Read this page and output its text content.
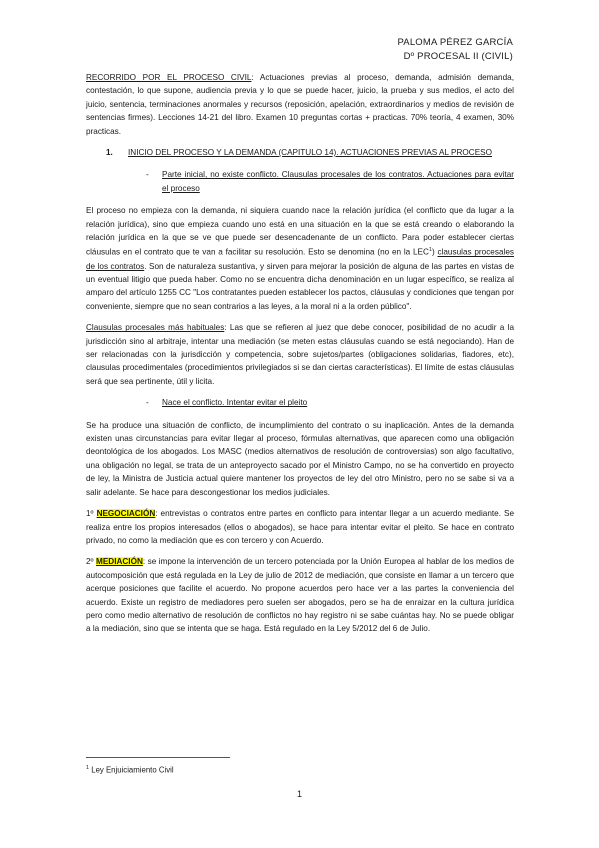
PALOMA PÉREZ GARCÍA
Dº PROCESAL II (CIVIL)

RECORRIDO POR EL PROCESO CIVIL: Actuaciones previas al proceso, demanda, admisión demanda, contestación, lo que supone, audiencia previa y lo que se puede hacer, juicio, la prueba y sus medios, el acto del juicio, sentencia, terminaciones anormales y recursos (reposición, apelación, extraordinarios y medios de revisión de sentencias firmes). Lecciones 14-21 del libro. Examen 10 preguntas cortas + practicas. 70% teoría, 4 examen, 30% practicas.

1.	INICIO DEL PROCESO Y LA DEMANDA (CAPITULO 14). ACTUACIONES PREVIAS AL PROCESO
-	Parte inicial, no existe conflicto. Clausulas procesales de los contratos. Actuaciones para evitar el proceso

El proceso no empieza con la demanda, ni siquiera cuando nace la relación jurídica (el conflicto que da lugar a la relación jurídica), sino que empieza cuando uno está en una situación en la que se está creando o elaborando la relación jurídica en la que se ve que puede ser desencadenante de un conflicto. Para poder establecer ciertas cláusulas en el contrato que te van a facilitar su resolución. Esto se denomina (no en la LEC$^1$) clausulas procesales de los contratos. Son de naturaleza sustantiva, y sirven para mejorar la posición de alguna de las partes en vistas de un eventual litigio que pueda haber. Como no se encuentra dicha denominación en un lugar específico, se realiza al amparo del artículo 1255 CC "Los contratantes pueden establecer los pactos, cláusulas y condiciones que tengan por conveniente, siempre que no sean contrarios a las leyes, a la moral ni a la orden público".

Clausulas procesales más habituales: Las que se refieren al juez que debe conocer, posibilidad de no acudir a la jurisdicción sino al arbitraje, intentar una mediación (se meten estas cláusulas cuando se está negociando). Han de ser relacionadas con la jurisdicción y competencia, sobre sujetos/partes (obligaciones solidarias, fiadores, etc), clausulas procedimentales (procedimientos privilegiados si se dan ciertas características). El límite de estas cláusulas será que sea pertinente, útil y licita.

-	Nace el conflicto. Intentar evitar el pleito

Se ha produce una situación de conflicto, de incumplimiento del contrato o su inaplicación. Antes de la demanda existen unas circunstancias para evitar llegar al proceso, fórmulas alternativas, que aparecen como una obligación deontológica de los abogados. Los MASC (medios alternativos de resolución de controversias) son algo facultativo, una obligación no legal, se trata de un anteproyecto sacado por el Ministro Campo, no se ha convertido en proyecto de ley, la Ministra de Justicia actual quiere mantener los proyectos de ley del otro Ministro, pero no se sabe si va a salir adelante. Se hace para descongestionar los medios judiciales.

1º NEGOCIACIÓN: entrevistas o contratos entre partes en conflicto para intentar llegar a un acuerdo mediante. Se realiza entre los propios interesados (ellos o abogados), se hace para intentar evitar el pleito. Se hace en contrato privado, no como la mediación que es con tercero y con Acuerdo.

2º MEDIACIÓN: se impone la intervención de un tercero potenciada por la Unión Europea al hablar de los medios de autocomposición que está regulada en la Ley de julio de 2012 de mediación, que consiste en llamar a un tercero que acerque posiciones que facilite el acuerdo. No propone acuerdos pero hace ver a las partes la conveniencia del acuerdo. Existe un registro de mediadores pero suelen ser abogados, pero se ha de enraizar en la cultura jurídica pero como medio alternativo de resolución de conflictos no hay registro ni se sabe cuántas hay. No se puede obligar a la mediación, sino que se intenta que se haga. Está regulado en la Ley 5/2012 del 6 de Julio.

$^1$ Ley Enjuiciamiento Civil
1
